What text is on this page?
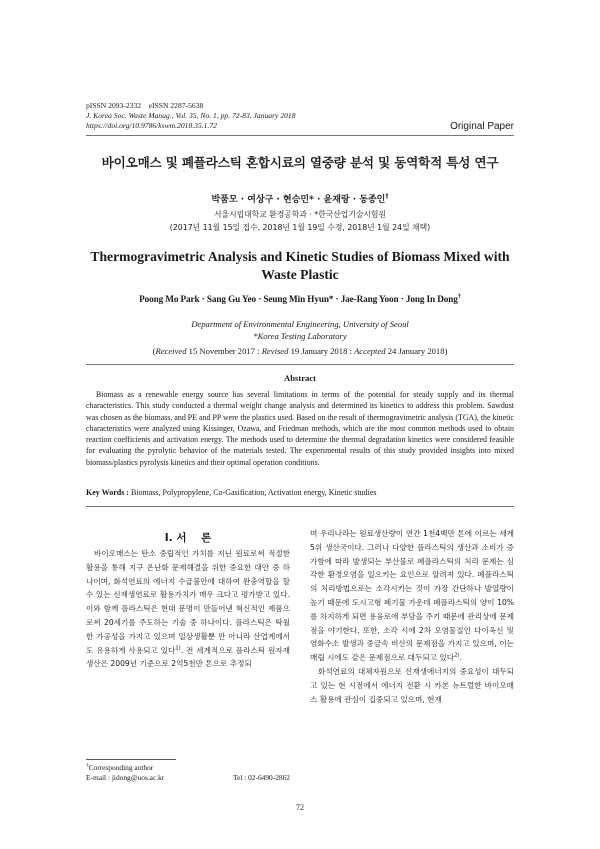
pISSN 2093-2332    eISSN 2287-5638
J. Korea Soc. Waste Manag., Vol. 35, No. 1, pp. 72-83, January 2018
https://doi.org/10.9786/kswm.2018.35.1.72	Original Paper
바이오매스 및 폐플라스틱 혼합시료의 열중량 분석 및 동역학적 특성 연구
박품모 · 여상구 · 현승민* · 윤재랑 · 동종인†
서울시립대학교 환경공학과 · *한국산업기술시험원
(2017년 11월 15일 접수, 2018년 1월 19일 수정, 2018년 1월 24일 채택)
Thermogravimetric Analysis and Kinetic Studies of Biomass Mixed with Waste Plastic
Poong Mo Park · Sang Gu Yeo · Seung Min Hyun* · Jae-Rang Yoon · Jong In Dong†
Department of Environmental Engineering, University of Seoul
*Korea Testing Laboratory
(Received 15 November 2017 : Revised 19 January 2018 : Accepted 24 January 2018)
Abstract
Biomass as a renewable energy source has several limitations in terms of the potential for steady supply and its thermal characteristics. This study conducted a thermal weight change analysis and determined its kinetics to address this problem. Sawdust was chosen as the biomass, and PE and PP were the plastics used. Based on the result of thermogravimetric analysis (TGA), the kinetic characteristics were analyzed using Kissinger, Ozawa, and Friedman methods, which are the most common methods used to obtain reaction coefficients and activation energy. The methods used to determine the thermal degradation kinetics were considered feasible for evaluating the pyrolytic behavior of the materials tested. The experimental results of this study provided insights into mixed biomass/plastics pyrolysis kinetics and their optimal operation conditions.
Key Words : Biomass, Polypropylene, Co-Gasification, Activation energy, Kinetic studies
I. 서    론
바이오매스는 탄소 중립적인 가치를 지닌 원료로써 적절한 활용을 통해 지구 온난화 문제해결을 위한 중요한 대안 중 하나이며, 화석연료의 에너지 수급불안에 대하여 완충역할을 할 수 있는 신재생연료로 활용가치가 매우 크다고 평가받고 있다. 이와 함께 플라스틱은 현대 문명이 만들어낸 혁신적인 제품으로써 20세기를 주도하는 기술 중 하나이다. 플라스틱은 탁월한 가공성을 가지고 있으며 일상생활뿐 만 아니라 산업계에서도 유용하게 사용되고 있다$^{1)}$. 전 세계적으로 플라스틱 원자재 생산은 2009년 기준으로 2억5천만 톤으로 추정되

며 우리나라는 원료생산량이 연간 1천4백만 톤에 이르는 세계 5위 생산국이다. 그러나 다양한 플라스틱의 생산과 소비가 증가함에 따라 발생되는 부산물로 폐플라스틱의 처리 문제는 심각한 환경오염을 일으키는 요인으로 알려져 있다. 폐플라스틱의 처리방법으로는 소각시키는 것이 가장 간단하나 발열량이 높기 때문에 도시고형 폐기물 가운데 폐플라스틱의 양이 10%를 차지하게 되면 용융로에 부담을 주기 때문에 관리상에 문제점을 야기한다. 또한, 소각 시에 2차 오염물질인 다이옥신 및 염화수소 발생과 중금속 비산의 문제점을 가지고 있으며, 이는 매립 시에도 같은 문제점으로 대두되고 있다$^{2)}$.

화석연료의 대체자원으로 신재생에너지의 중요성이 대두되고 있는 현 시점에서 에너지 전환 시 카본 뉴트럴한 바이오매스 활용에 관심이 집중되고 있으며, 현재

†Corresponding author
E-mail : jidong@uos.ac.kr	Tel : 02-6490-2862
72
